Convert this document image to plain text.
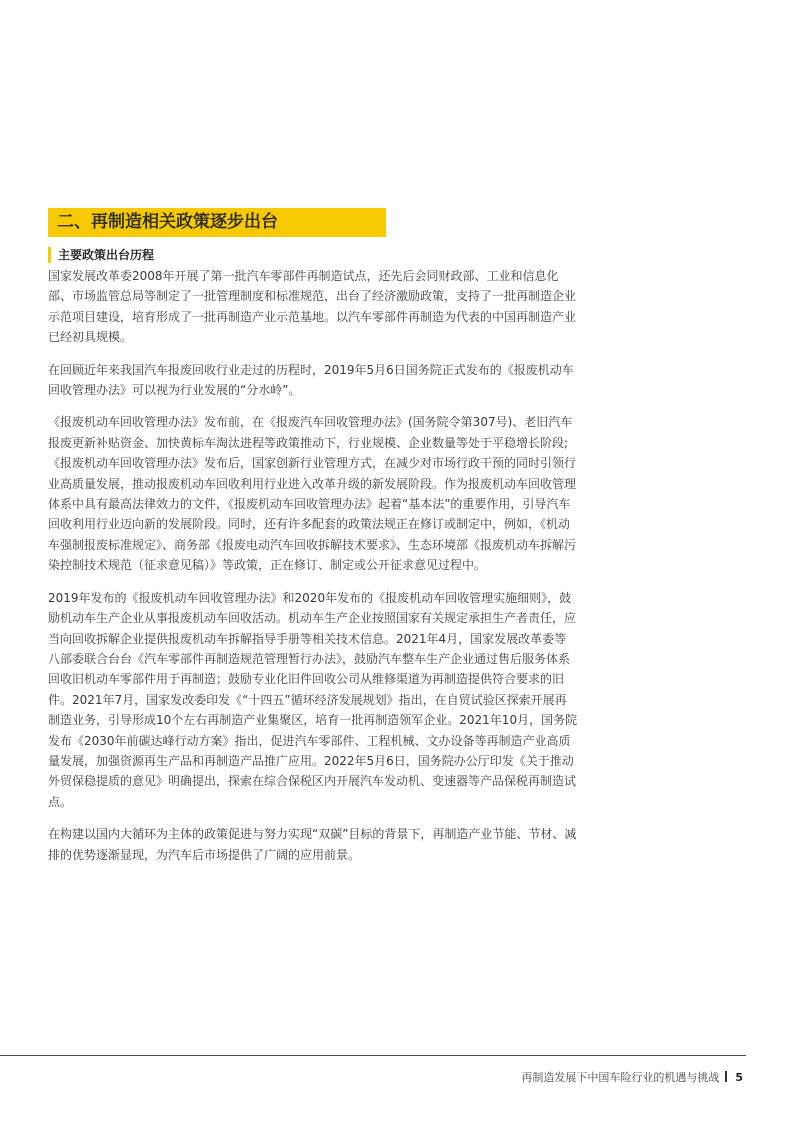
二、再制造相关政策逐步出台
主要政策出台历程

国家发展改革委2008年开展了第一批汽车零部件再制造试点，还先后会同财政部、工业和信息化部、市场监管总局等制定了一批管理制度和标准规范，出台了经济激励政策，支持了一批再制造企业示范项目建设，培育形成了一批再制造产业示范基地。以汽车零部件再制造为代表的中国再制造产业已经初具规模。

在回顾近年来我国汽车报废回收行业走过的历程时，2019年5月6日国务院正式发布的《报废机动车回收管理办法》可以视为行业发展的“分水岭”。

《报废机动车回收管理办法》发布前，在《报废汽车回收管理办法》(国务院令第307号)、老旧汽车报废更新补贴资金、加快黄标车淘汰进程等政策推动下，行业规模、企业数量等处于平稳增长阶段;《报废机动车回收管理办法》发布后，国家创新行业管理方式，在减少对市场行政干预的同时引领行业高质量发展，推动报废机动车回收利用行业进入改革升级的新发展阶段。作为报废机动车回收管理体系中具有最高法律效力的文件，《报废机动车回收管理办法》起着“基本法”的重要作用，引导汽车回收利用行业迈向新的发展阶段。同时，还有许多配套的政策法规正在修订或制定中，例如，《机动车强制报废标准规定》、商务部《报废电动汽车回收拆解技术要求》、生态环境部《报废机动车拆解污染控制技术规范（征求意见稿）》等政策，正在修订、制定或公开征求意见过程中。

2019年发布的《报废机动车回收管理办法》和2020年发布的《报废机动车回收管理实施细则》，鼓励机动车生产企业从事报废机动车回收活动。机动车生产企业按照国家有关规定承担生产者责任，应当向回收拆解企业提供报废机动车拆解指导手册等相关技术信息。2021年4月，国家发展改革委等八部委联合台台《汽车零部件再制造规范管理暂行办法》，鼓励汽车整车生产企业通过售后服务体系回收旧机动车零部件用于再制造；鼓励专业化旧件回收公司从维修渠道为再制造提供符合要求的旧件。2021年7月，国家发改委印发《“十四五”循环经济发展规划》指出，在自贸试验区探索开展再制造业务，引导形成10个左右再制造产业集聚区，培育一批再制造领军企业。2021年10月，国务院发布《2030年前碳达峰行动方案》指出，促进汽车零部件、工程机械、文办设备等再制造产业高质量发展，加强资源再生产品和再制造产品推广应用。2022年5月6日，国务院办公厅印发《关于推动外贸保稳提质的意见》明确提出，探索在综合保税区内开展汽车发动机、变速器等产品保税再制造试点。

在构建以国内大循环为主体的政策促进与努力实现“双碳”目标的背景下，再制造产业节能、节材、减排的优势逐渐显现，为汽车后市场提供了广阔的应用前景。

再制造发展下中国车险行业的机遇与挑战 5
